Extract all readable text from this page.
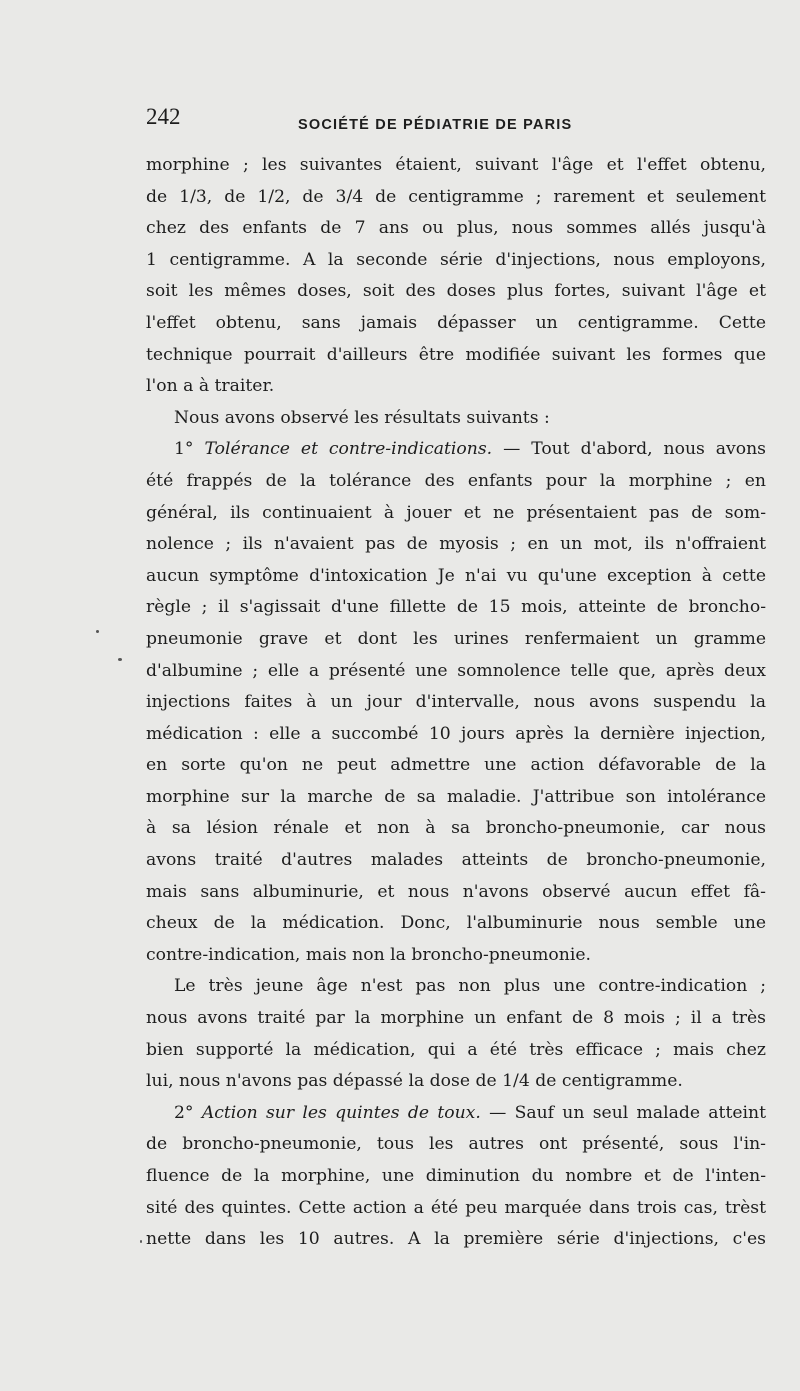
242	SOCIÉTÉ DE PÉDIATRIE DE PARIS
morphine ; les suivantes étaient, suivant l'âge et l'effet obtenu,
de 1/3, de 1/2, de 3/4 de centigramme ; rarement et seulement
chez des enfants de 7 ans ou plus, nous sommes allés jusqu'à
1 centigramme. A la seconde série d'injections, nous employons,
soit les mêmes doses, soit des doses plus fortes, suivant l'âge et
l'effet obtenu, sans jamais dépasser un centigramme. Cette
technique pourrait d'ailleurs être modifiée suivant les formes que
l'on a à traiter.
Nous avons observé les résultats suivants :
1° Tolérance et contre-indications. — Tout d'abord, nous avons
été frappés de la tolérance des enfants pour la morphine ; en
général, ils continuaient à jouer et ne présentaient pas de som-
nolence ; ils n'avaient pas de myosis ; en un mot, ils n'offraient
aucun symptôme d'intoxication Je n'ai vu qu'une exception à cette
règle ; il s'agissait d'une fillette de 15 mois, atteinte de broncho-
pneumonie grave et dont les urines renfermaient un gramme
d'albumine ; elle a présenté une somnolence telle que, après deux
injections faites à un jour d'intervalle, nous avons suspendu la
médication : elle a succombé 10 jours après la dernière injection,
en sorte qu'on ne peut admettre une action défavorable de la
morphine sur la marche de sa maladie. J'attribue son intolérance
à sa lésion rénale et non à sa broncho-pneumonie, car nous
avons traité d'autres malades atteints de broncho-pneumonie,
mais sans albuminurie, et nous n'avons observé aucun effet fâ-
cheux de la médication. Donc, l'albuminurie nous semble une
contre-indication, mais non la broncho-pneumonie.
Le très jeune âge n'est pas non plus une contre-indication ;
nous avons traité par la morphine un enfant de 8 mois ; il a très
bien supporté la médication, qui a été très efficace ; mais chez
lui, nous n'avons pas dépassé la dose de 1/4 de centigramme.
2° Action sur les quintes de toux. — Sauf un seul malade atteint
de broncho-pneumonie, tous les autres ont présenté, sous l'in-
fluence de la morphine, une diminution du nombre et de l'inten-
sité des quintes. Cette action a été peu marquée dans trois cas, trèst
nette dans les 10 autres. A la première série d'injections, c'es
